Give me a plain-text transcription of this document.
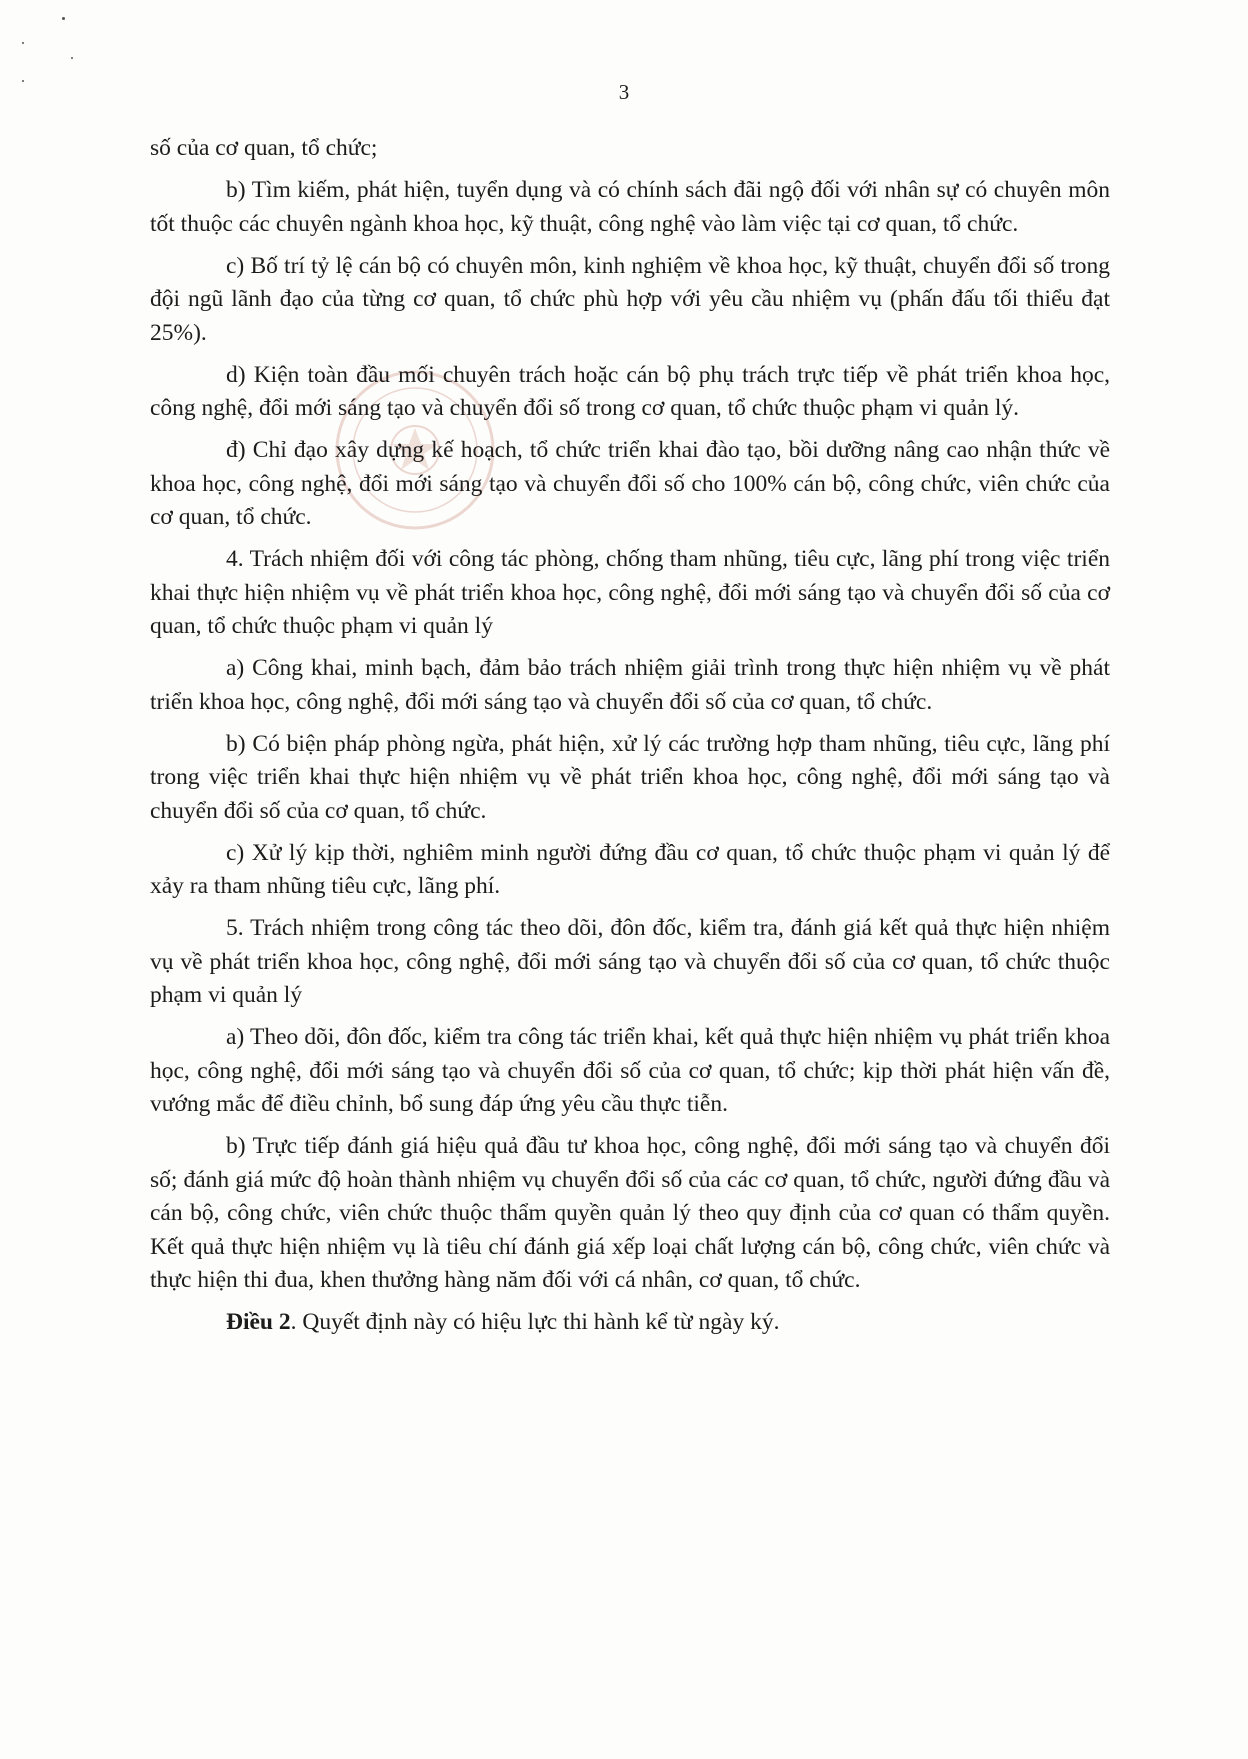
3

số của cơ quan, tổ chức;

b) Tìm kiếm, phát hiện, tuyển dụng và có chính sách đãi ngộ đối với nhân sự có chuyên môn tốt thuộc các chuyên ngành khoa học, kỹ thuật, công nghệ vào làm việc tại cơ quan, tổ chức.

c) Bố trí tỷ lệ cán bộ có chuyên môn, kinh nghiệm về khoa học, kỹ thuật, chuyển đổi số trong đội ngũ lãnh đạo của từng cơ quan, tổ chức phù hợp với yêu cầu nhiệm vụ (phấn đấu tối thiểu đạt 25%).

d) Kiện toàn đầu mối chuyên trách hoặc cán bộ phụ trách trực tiếp về phát triển khoa học, công nghệ, đổi mới sáng tạo và chuyển đổi số trong cơ quan, tổ chức thuộc phạm vi quản lý.

đ) Chỉ đạo xây dựng kế hoạch, tổ chức triển khai đào tạo, bồi dưỡng nâng cao nhận thức về khoa học, công nghệ, đổi mới sáng tạo và chuyển đổi số cho 100% cán bộ, công chức, viên chức của cơ quan, tổ chức.

4. Trách nhiệm đối với công tác phòng, chống tham nhũng, tiêu cực, lãng phí trong việc triển khai thực hiện nhiệm vụ về phát triển khoa học, công nghệ, đổi mới sáng tạo và chuyển đổi số của cơ quan, tổ chức thuộc phạm vi quản lý

a) Công khai, minh bạch, đảm bảo trách nhiệm giải trình trong thực hiện nhiệm vụ về phát triển khoa học, công nghệ, đổi mới sáng tạo và chuyển đổi số của cơ quan, tổ chức.

b) Có biện pháp phòng ngừa, phát hiện, xử lý các trường hợp tham nhũng, tiêu cực, lãng phí trong việc triển khai thực hiện nhiệm vụ về phát triển khoa học, công nghệ, đổi mới sáng tạo và chuyển đổi số của cơ quan, tổ chức.

c) Xử lý kịp thời, nghiêm minh người đứng đầu cơ quan, tổ chức thuộc phạm vi quản lý để xảy ra tham nhũng tiêu cực, lãng phí.

5. Trách nhiệm trong công tác theo dõi, đôn đốc, kiểm tra, đánh giá kết quả thực hiện nhiệm vụ về phát triển khoa học, công nghệ, đổi mới sáng tạo và chuyển đổi số của cơ quan, tổ chức thuộc phạm vi quản lý

a) Theo dõi, đôn đốc, kiểm tra công tác triển khai, kết quả thực hiện nhiệm vụ phát triển khoa học, công nghệ, đổi mới sáng tạo và chuyển đổi số của cơ quan, tổ chức; kịp thời phát hiện vấn đề, vướng mắc để điều chỉnh, bổ sung đáp ứng yêu cầu thực tiễn.

b) Trực tiếp đánh giá hiệu quả đầu tư khoa học, công nghệ, đổi mới sáng tạo và chuyển đổi số; đánh giá mức độ hoàn thành nhiệm vụ chuyển đổi số của các cơ quan, tổ chức, người đứng đầu và cán bộ, công chức, viên chức thuộc thẩm quyền quản lý theo quy định của cơ quan có thẩm quyền. Kết quả thực hiện nhiệm vụ là tiêu chí đánh giá xếp loại chất lượng cán bộ, công chức, viên chức và thực hiện thi đua, khen thưởng hàng năm đối với cá nhân, cơ quan, tổ chức.

Điều 2. Quyết định này có hiệu lực thi hành kể từ ngày ký.
